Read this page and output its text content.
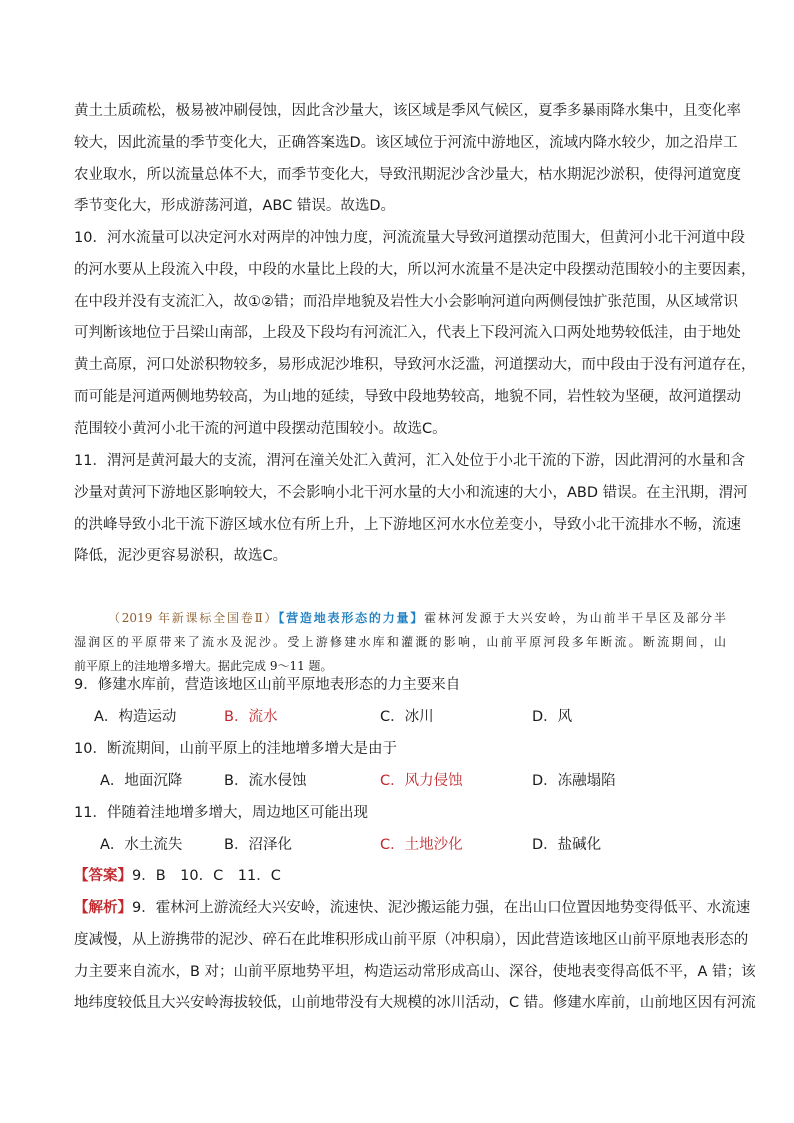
黄土土质疏松，极易被冲刷侵蚀，因此含沙量大，该区域是季风气候区，夏季多暴雨降水集中，且变化率
较大，因此流量的季节变化大，正确答案选D。该区域位于河流中游地区，流域内降水较少，加之沿岸工
农业取水，所以流量总体不大，而季节变化大，导致汛期泥沙含沙量大，枯水期泥沙淤积，使得河道宽度
季节变化大，形成游荡河道，ABC 错误。故选D。
10．河水流量可以决定河水对两岸的冲蚀力度，河流流量大导致河道摆动范围大，但黄河小北干河道中段
的河水要从上段流入中段，中段的水量比上段的大，所以河水流量不是决定中段摆动范围较小的主要因素，
在中段并没有支流汇入，故①②错；而沿岸地貌及岩性大小会影响河道向两侧侵蚀扩张范围，从区域常识
可判断该地位于吕梁山南部，上段及下段均有河流汇入，代表上下段河流入口两处地势较低洼，由于地处
黄土高原，河口处淤积物较多，易形成泥沙堆积，导致河水泛滥，河道摆动大，而中段由于没有河道存在，
而可能是河道两侧地势较高，为山地的延续，导致中段地势较高，地貌不同，岩性较为坚硬，故河道摆动
范围较小黄河小北干流的河道中段摆动范围较小。故选C。
11．渭河是黄河最大的支流，渭河在潼关处汇入黄河，汇入处位于小北干流的下游，因此渭河的水量和含
沙量对黄河下游地区影响较大，不会影响小北干河水量的大小和流速的大小，ABD 错误。在主汛期，渭河
的洪峰导致小北干流下游区域水位有所上升，上下游地区河水水位差变小，导致小北干流排水不畅，流速
降低，泥沙更容易淤积，故选C。
（2019 年新课标全国卷Ⅱ）【营造地表形态的力量】霍林河发源于大兴安岭，为山前半干旱区及部分半
湿润区的平原带来了流水及泥沙。受上游修建水库和灌溉的影响，山前平原河段多年断流。断流期间，山
前平原上的洼地增多增大。据此完成 9～11 题。
9．修建水库前，营造该地区山前平原地表形态的力主要来自
A．构造运动	B．流水	C．冰川	D．风
10．断流期间，山前平原上的洼地增多增大是由于
A．地面沉降	B．流水侵蚀	C．风力侵蚀	D．冻融塌陷
11．伴随着洼地增多增大，周边地区可能出现
A．水土流失	B．沼泽化	C．土地沙化	D．盐碱化
【答案】9．B　10．C　11．C
【解析】9．霍林河上游流经大兴安岭，流速快、泥沙搬运能力强，在出山口位置因地势变得低平、水流速
度减慢，从上游携带的泥沙、碎石在此堆积形成山前平原（冲积扇），因此营造该地区山前平原地表形态的
力主要来自流水，B 对；山前平原地势平坦，构造运动常形成高山、深谷，使地表变得高低不平，A 错；该
地纬度较低且大兴安岭海拔较低，山前地带没有大规模的冰川活动，C 错。修建水库前，山前地区因有河流
